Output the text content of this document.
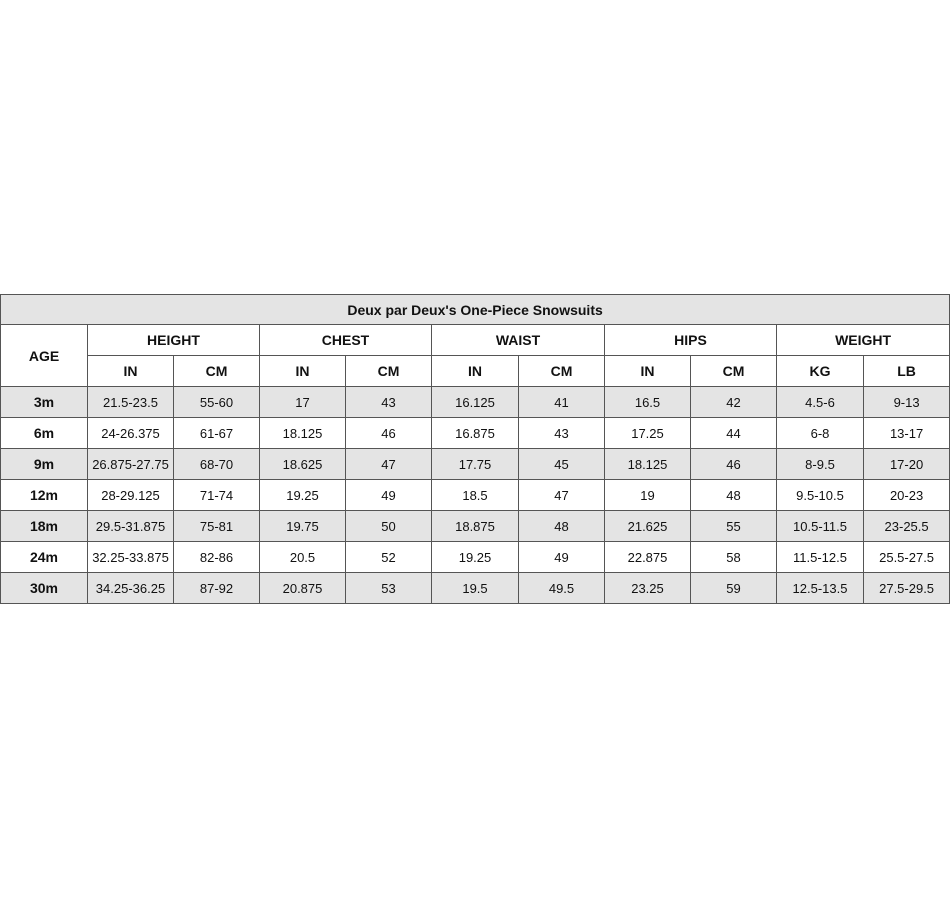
Deux par Deux's One-Piece Snowsuits										
AGE	HEIGHT		CHEST		WAIST		HIPS		WEIGHT	
	IN	CM	IN	CM	IN	CM	IN	CM	KG	LB
3m	21.5-23.5	55-60	17	43	16.125	41	16.5	42	4.5-6	9-13
6m	24-26.375	61-67	18.125	46	16.875	43	17.25	44	6-8	13-17
9m	26.875-27.75	68-70	18.625	47	17.75	45	18.125	46	8-9.5	17-20
12m	28-29.125	71-74	19.25	49	18.5	47	19	48	9.5-10.5	20-23
18m	29.5-31.875	75-81	19.75	50	18.875	48	21.625	55	10.5-11.5	23-25.5
24m	32.25-33.875	82-86	20.5	52	19.25	49	22.875	58	11.5-12.5	25.5-27.5
30m	34.25-36.25	87-92	20.875	53	19.5	49.5	23.25	59	12.5-13.5	27.5-29.5
